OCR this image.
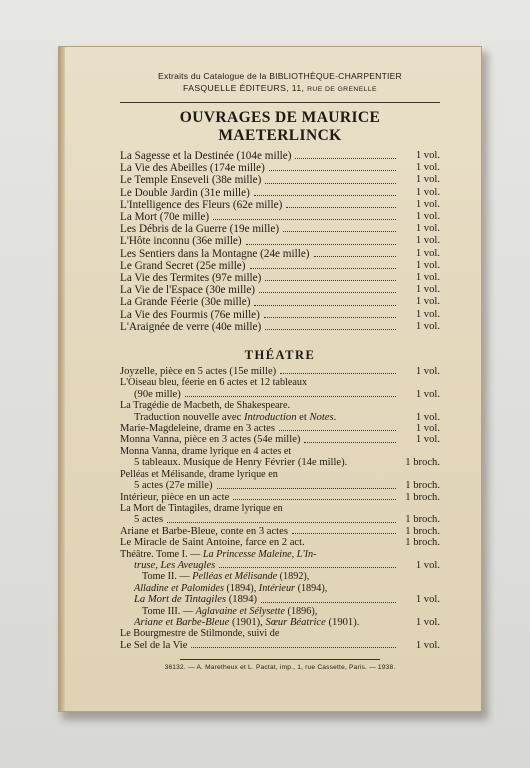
Extraits du Catalogue de la BIBLIOTHÈQUE-CHARPENTIER
FASQUELLE ÉDITEURS, 11, RUE DE GRENELLE
OUVRAGES DE MAURICE MAETERLINCK
La Sagesse et la Destinée (104e mille)	1 vol.
La Vie des Abeilles (174e mille)	1 vol.
Le Temple Enseveli (38e mille)	1 vol.
Le Double Jardin (31e mille)	1 vol.
L'Intelligence des Fleurs (62e mille)	1 vol.
La Mort (70e mille)	1 vol.
Les Débris de la Guerre (19e mille)	1 vol.
L'Hôte inconnu (36e mille)	1 vol.
Les Sentiers dans la Montagne (24e mille)	1 vol.
Le Grand Secret (25e mille)	1 vol.
La Vie des Termites (97e mille)	1 vol.
La Vie de l'Espace (30e mille)	1 vol.
La Grande Féerie (30e mille)	1 vol.
La Vie des Fourmis (76e mille)	1 vol.
L'Araignée de verre (40e mille)	1 vol.
THÉATRE
Joyzelle, pièce en 5 actes (15e mille)	1 vol.
L'Oiseau bleu, féerie en 6 actes et 12 tableaux
(90e mille)	1 vol.
La Tragédie de Macbeth, de Shakespeare.
Traduction nouvelle avec Introduction et Notes.	1 vol.
Marie-Magdeleine, drame en 3 actes	1 vol.
Monna Vanna, pièce en 3 actes (54e mille)	1 vol.
Monna Vanna, drame lyrique en 4 actes et
5 tableaux. Musique de Henry Février (14e mille).	1 broch.
Pelléas et Mélisande, drame lyrique en
5 actes (27e mille)	1 broch.
Intérieur, pièce en un acte	1 broch.
La Mort de Tintagiles, drame lyrique en
5 actes	1 broch.
Ariane et Barbe-Bleue, conte en 3 actes	1 broch.
Le Miracle de Saint Antoine, farce en 2 act.	1 broch.
Théâtre. Tome I. — La Princesse Maleine, L'In-
truse, Les Aveugles	1 vol.
Tome II. — Pelléas et Mélisande (1892),
Alladine et Palomides (1894), Intérieur (1894),
La Mort de Tintagiles (1894)	1 vol.
Tome III. — Aglavaine et Sélysette (1896),
Ariane et Barbe-Bleue (1901), Sœur Béatrice (1901).	1 vol.
Le Bourgmestre de Stilmonde, suivi de
Le Sel de la Vie	1 vol.
36132. — A. Maretheux et L. Pactat, imp., 1, rue Cassette, Paris. — 1938.
